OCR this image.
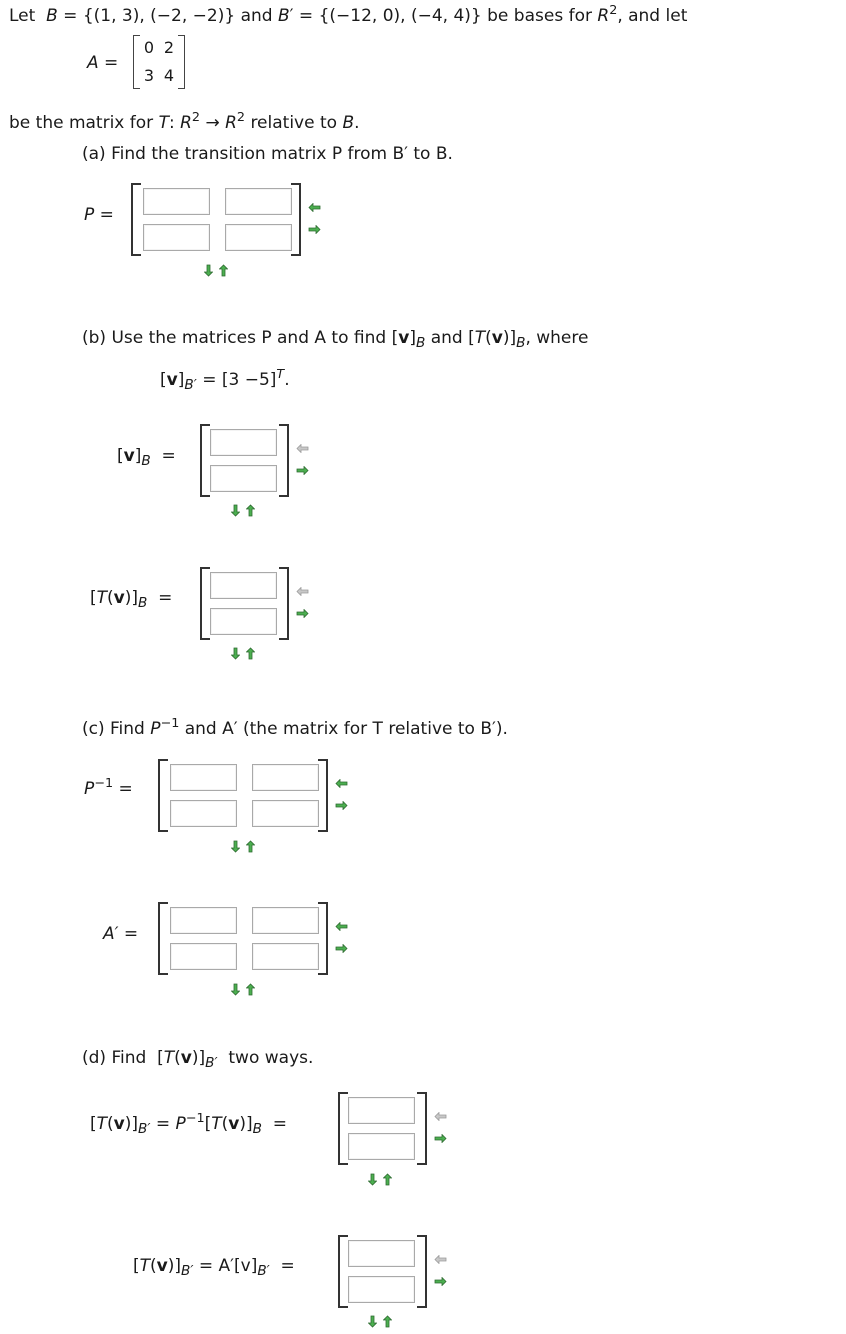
Let B = {(1, 3), (−2, −2)} and B′ = {(−12, 0), (−4, 4)} be bases for $R^2$, and let
A =
0 2
3 4
be the matrix for T: $R^2 \to R^2$ relative to B.
(a) Find the transition matrix P from B′ to B.
P =
(b) Use the matrices P and A to find $[v]_B$ and $[T(v)]_B$, where
$[v]_{B'} = [3 -5]^T$.
$[v]_B$  =
$[T(v)]_B$  =
(c) Find $P^{-1}$ and A′ (the matrix for T relative to B′).
$P^{-1}$ =
A′ =
(d) Find  $[T(v)]_{B'}$ two ways.
$[T(v)]_{B'} = P^{-1}[T(v)]_B$  =
$[T(v)]_{B'} = A'[v]_{B'}$  =
